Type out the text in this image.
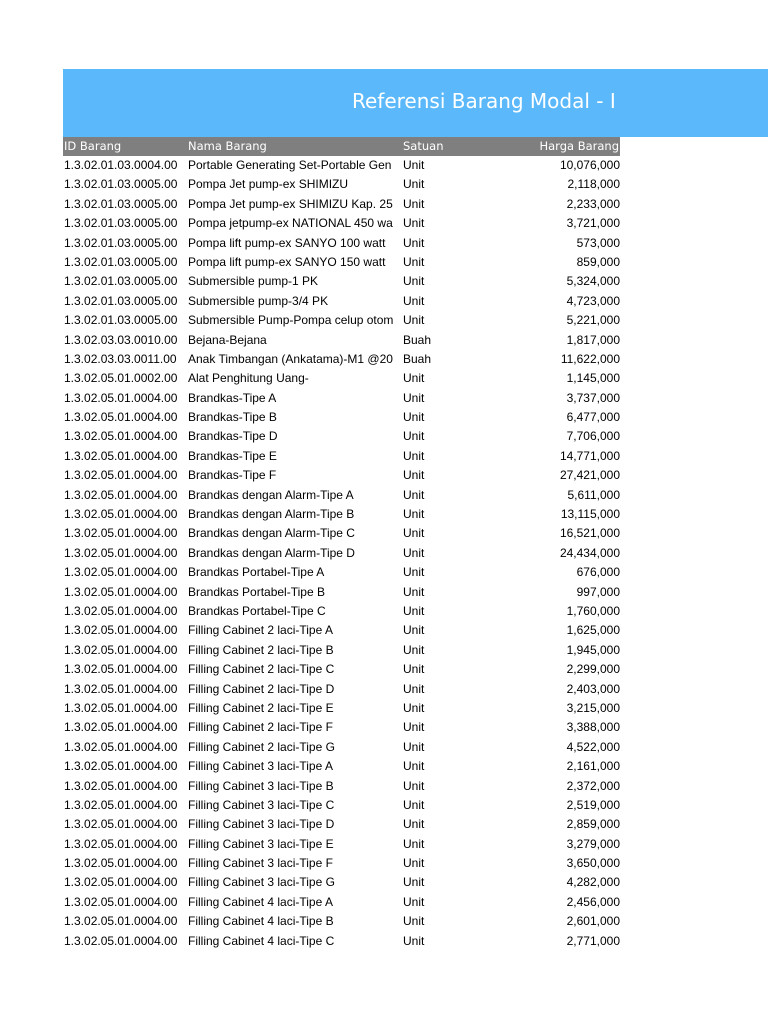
Referensi Barang Modal - I
ID Barang	Nama Barang	Satuan	Harga Barang
1.3.02.01.03.0004.00 Portable Generating Set-Portable Gen Unit	10,076,000
1.3.02.01.03.0005.00 Pompa Jet pump-ex SHIMIZU	Unit	2,118,000
1.3.02.01.03.0005.00 Pompa Jet pump-ex SHIMIZU Kap. 25 Unit	2,233,000
1.3.02.01.03.0005.00 Pompa jetpump-ex NATIONAL 450 wa Unit	3,721,000
1.3.02.01.03.0005.00 Pompa lift pump-ex SANYO 100 watt	Unit	573,000
1.3.02.01.03.0005.00 Pompa lift pump-ex SANYO 150 watt	Unit	859,000
1.3.02.01.03.0005.00 Submersible pump-1 PK	Unit	5,324,000
1.3.02.01.03.0005.00 Submersible pump-3/4 PK	Unit	4,723,000
1.3.02.01.03.0005.00 Submersible Pump-Pompa celup otom Unit	5,221,000
1.3.02.03.03.0010.00 Bejana-Bejana	Buah	1,817,000
1.3.02.03.03.0011.00 Anak Timbangan (Ankatama)-M1 @20 Buah	11,622,000
1.3.02.05.01.0002.00 Alat Penghitung Uang-	Unit	1,145,000
1.3.02.05.01.0004.00 Brandkas-Tipe A	Unit	3,737,000
1.3.02.05.01.0004.00 Brandkas-Tipe B	Unit	6,477,000
1.3.02.05.01.0004.00 Brandkas-Tipe D	Unit	7,706,000
1.3.02.05.01.0004.00 Brandkas-Tipe E	Unit	14,771,000
1.3.02.05.01.0004.00 Brandkas-Tipe F	Unit	27,421,000
1.3.02.05.01.0004.00 Brandkas dengan Alarm-Tipe A	Unit	5,611,000
1.3.02.05.01.0004.00 Brandkas dengan Alarm-Tipe B	Unit	13,115,000
1.3.02.05.01.0004.00 Brandkas dengan Alarm-Tipe C	Unit	16,521,000
1.3.02.05.01.0004.00 Brandkas dengan Alarm-Tipe D	Unit	24,434,000
1.3.02.05.01.0004.00 Brandkas Portabel-Tipe A	Unit	676,000
1.3.02.05.01.0004.00 Brandkas Portabel-Tipe B	Unit	997,000
1.3.02.05.01.0004.00 Brandkas Portabel-Tipe C	Unit	1,760,000
1.3.02.05.01.0004.00 Filling Cabinet 2 laci-Tipe A	Unit	1,625,000
1.3.02.05.01.0004.00 Filling Cabinet 2 laci-Tipe B	Unit	1,945,000
1.3.02.05.01.0004.00 Filling Cabinet 2 laci-Tipe C	Unit	2,299,000
1.3.02.05.01.0004.00 Filling Cabinet 2 laci-Tipe D	Unit	2,403,000
1.3.02.05.01.0004.00 Filling Cabinet 2 laci-Tipe E	Unit	3,215,000
1.3.02.05.01.0004.00 Filling Cabinet 2 laci-Tipe F	Unit	3,388,000
1.3.02.05.01.0004.00 Filling Cabinet 2 laci-Tipe G	Unit	4,522,000
1.3.02.05.01.0004.00 Filling Cabinet 3 laci-Tipe A	Unit	2,161,000
1.3.02.05.01.0004.00 Filling Cabinet 3 laci-Tipe B	Unit	2,372,000
1.3.02.05.01.0004.00 Filling Cabinet 3 laci-Tipe C	Unit	2,519,000
1.3.02.05.01.0004.00 Filling Cabinet 3 laci-Tipe D	Unit	2,859,000
1.3.02.05.01.0004.00 Filling Cabinet 3 laci-Tipe E	Unit	3,279,000
1.3.02.05.01.0004.00 Filling Cabinet 3 laci-Tipe F	Unit	3,650,000
1.3.02.05.01.0004.00 Filling Cabinet 3 laci-Tipe G	Unit	4,282,000
1.3.02.05.01.0004.00 Filling Cabinet 4 laci-Tipe A	Unit	2,456,000
1.3.02.05.01.0004.00 Filling Cabinet 4 laci-Tipe B	Unit	2,601,000
1.3.02.05.01.0004.00 Filling Cabinet 4 laci-Tipe C	Unit	2,771,000
